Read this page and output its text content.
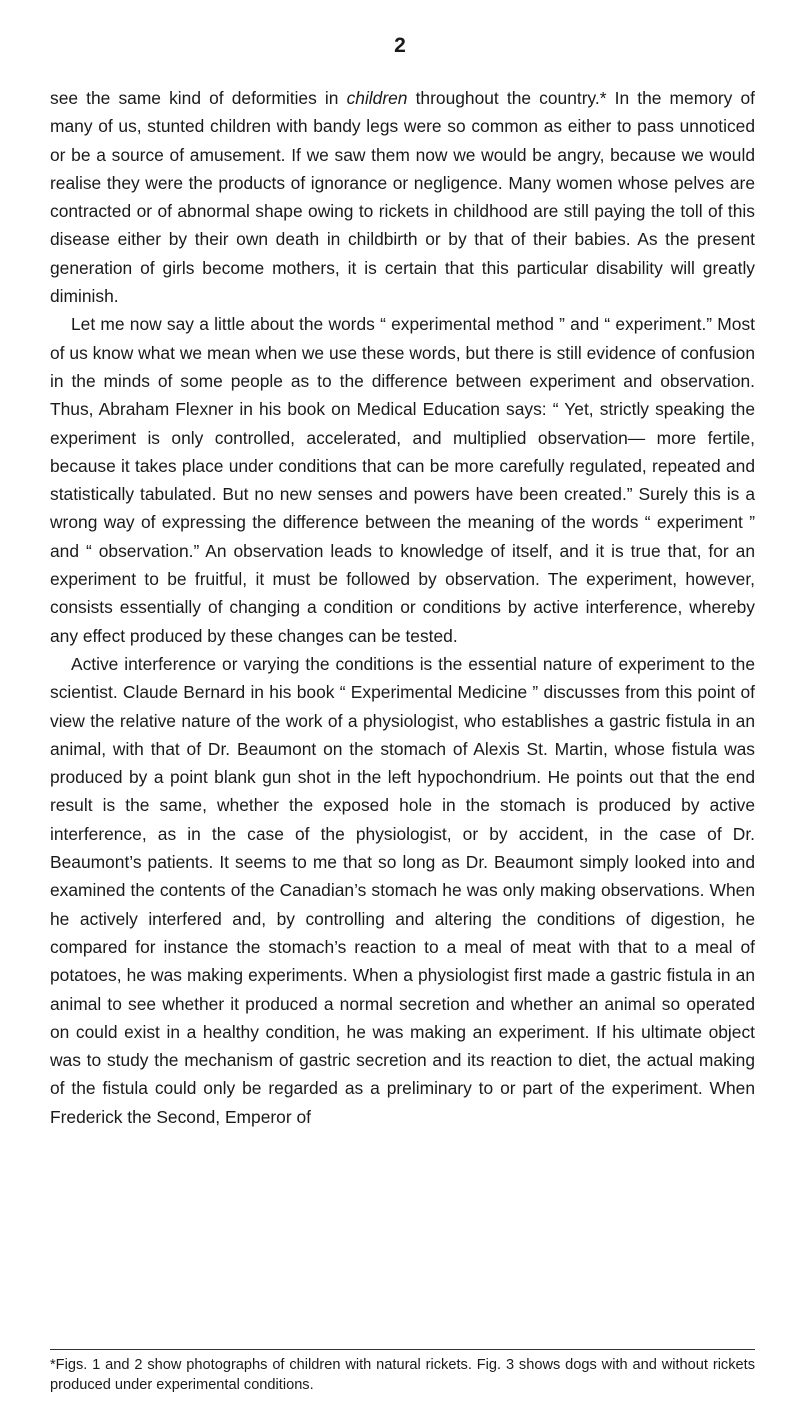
2

see the same kind of deformities in children throughout the country.* In the memory of many of us, stunted children with bandy legs were so common as either to pass unnoticed or be a source of amusement. If we saw them now we would be angry, because we would realise they were the products of ignorance or negligence. Many women whose pelves are contracted or of abnormal shape owing to rickets in childhood are still paying the toll of this disease either by their own death in childbirth or by that of their babies. As the present generation of girls become mothers, it is certain that this particular disability will greatly diminish.

Let me now say a little about the words “ experimental method ” and “ experiment.” Most of us know what we mean when we use these words, but there is still evidence of confusion in the minds of some people as to the difference between experiment and observation. Thus, Abraham Flexner in his book on Medical Education says: “ Yet, strictly speaking the experiment is only controlled, accelerated, and multiplied observation— more fertile, because it takes place under conditions that can be more carefully regulated, repeated and statistically tabulated. But no new senses and powers have been created.” Surely this is a wrong way of expressing the difference between the meaning of the words “ experiment ” and “ observation.” An observation leads to knowledge of itself, and it is true that, for an experiment to be fruitful, it must be followed by observation. The experiment, however, consists essentially of changing a condition or conditions by active interference, whereby any effect produced by these changes can be tested.

Active interference or varying the conditions is the essential nature of experiment to the scientist. Claude Bernard in his book “ Experimental Medicine ” discusses from this point of view the relative nature of the work of a physiologist, who establishes a gastric fistula in an animal, with that of Dr. Beaumont on the stomach of Alexis St. Martin, whose fistula was produced by a point blank gun shot in the left hypochondrium. He points out that the end result is the same, whether the exposed hole in the stomach is produced by active interference, as in the case of the physiologist, or by accident, in the case of Dr. Beaumont’s patients. It seems to me that so long as Dr. Beaumont simply looked into and examined the contents of the Canadian’s stomach he was only making observations. When he actively interfered and, by controlling and altering the conditions of digestion, he compared for instance the stomach’s reaction to a meal of meat with that to a meal of potatoes, he was making experiments. When a physiologist first made a gastric fistula in an animal to see whether it produced a normal secretion and whether an animal so operated on could exist in a healthy condition, he was making an experiment. If his ultimate object was to study the mechanism of gastric secretion and its reaction to diet, the actual making of the fistula could only be regarded as a preliminary to or part of the experiment. When Frederick the Second, Emperor of

*Figs. 1 and 2 show photographs of children with natural rickets. Fig. 3 shows dogs with and without rickets produced under experimental conditions.
